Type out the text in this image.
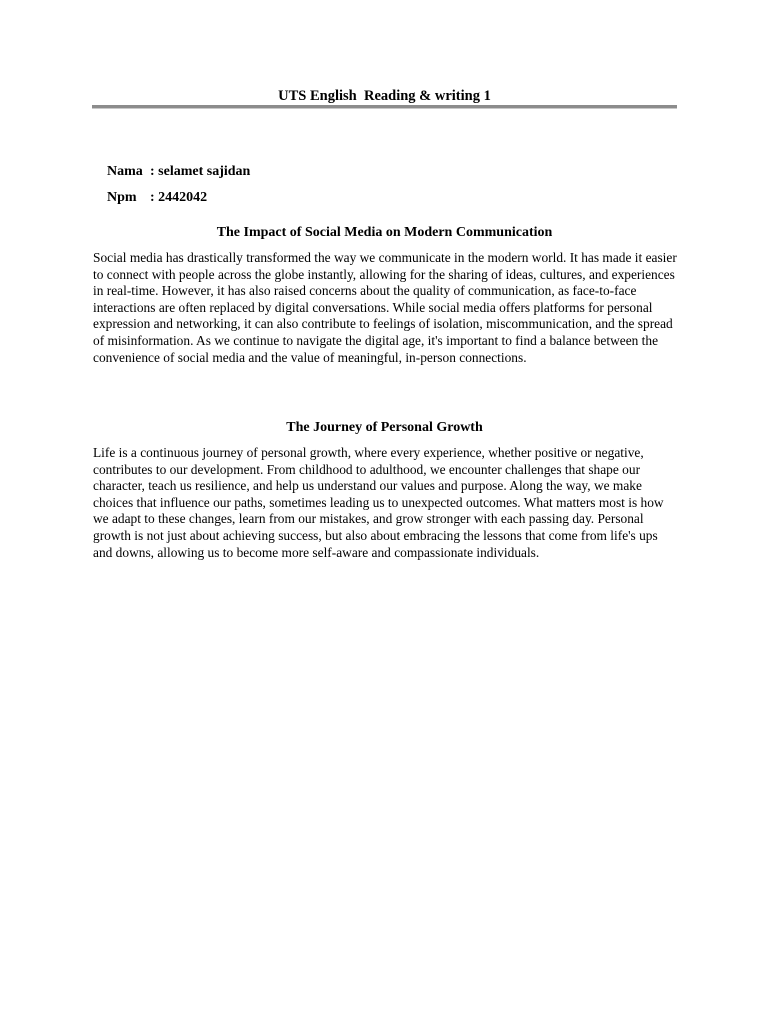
UTS English  Reading & writing 1

Nama : selamet sajidan

Npm : 2442042

The Impact of Social Media on Modern Communication
Social media has drastically transformed the way we communicate in the modern world. It has made it easier to connect with people across the globe instantly, allowing for the sharing of ideas, cultures, and experiences in real-time. However, it has also raised concerns about the quality of communication, as face-to-face interactions are often replaced by digital conversations. While social media offers platforms for personal expression and networking, it can also contribute to feelings of isolation, miscommunication, and the spread of misinformation. As we continue to navigate the digital age, it's important to find a balance between the convenience of social media and the value of meaningful, in-person connections.
The Journey of Personal Growth
Life is a continuous journey of personal growth, where every experience, whether positive or negative, contributes to our development. From childhood to adulthood, we encounter challenges that shape our character, teach us resilience, and help us understand our values and purpose. Along the way, we make choices that influence our paths, sometimes leading us to unexpected outcomes. What matters most is how we adapt to these changes, learn from our mistakes, and grow stronger with each passing day. Personal growth is not just about achieving success, but also about embracing the lessons that come from life's ups and downs, allowing us to become more self-aware and compassionate individuals.
